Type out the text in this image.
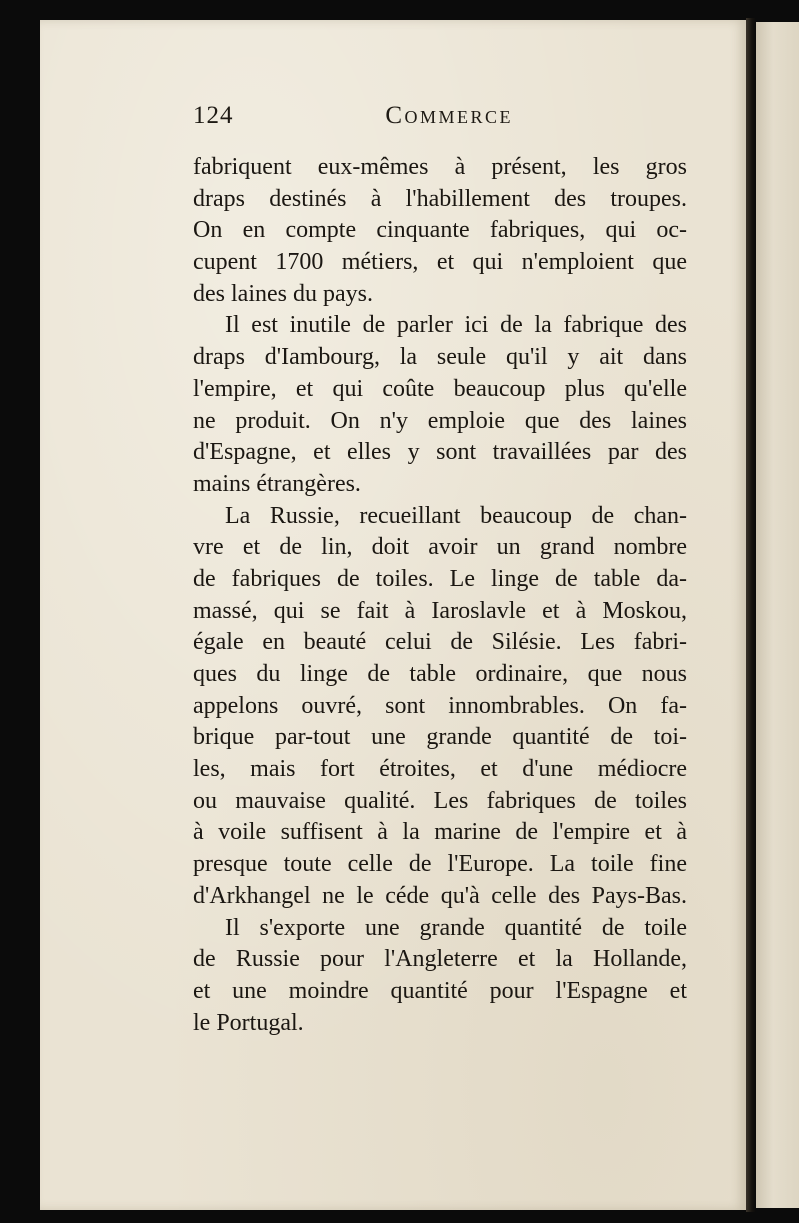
124	Commerce

fabriquent eux-mêmes à présent, les gros
draps destinés à l'habillement des troupes.
On en compte cinquante fabriques, qui oc-
cupent 1700 métiers, et qui n'emploient que
des laines du pays.

Il est inutile de parler ici de la fabrique des
draps d'Iambourg, la seule qu'il y ait dans
l'empire, et qui coûte beaucoup plus qu'elle
ne produit. On n'y emploie que des laines
d'Espagne, et elles y sont travaillées par des
mains étrangères.

La Russie, recueillant beaucoup de chan-
vre et de lin, doit avoir un grand nombre
de fabriques de toiles. Le linge de table da-
massé, qui se fait à Iaroslavle et à Moskou,
égale en beauté celui de Silésie. Les fabri-
ques du linge de table ordinaire, que nous
appelons ouvré, sont innombrables. On fa-
brique par-tout une grande quantité de toi-
les, mais fort étroites, et d'une médiocre
ou mauvaise qualité. Les fabriques de toiles
à voile suffisent à la marine de l'empire et à
presque toute celle de l'Europe. La toile fine
d'Arkhangel ne le céde qu'à celle des Pays-Bas.

Il s'exporte une grande quantité de toile
de Russie pour l'Angleterre et la Hollande,
et une moindre quantité pour l'Espagne et
le Portugal.
